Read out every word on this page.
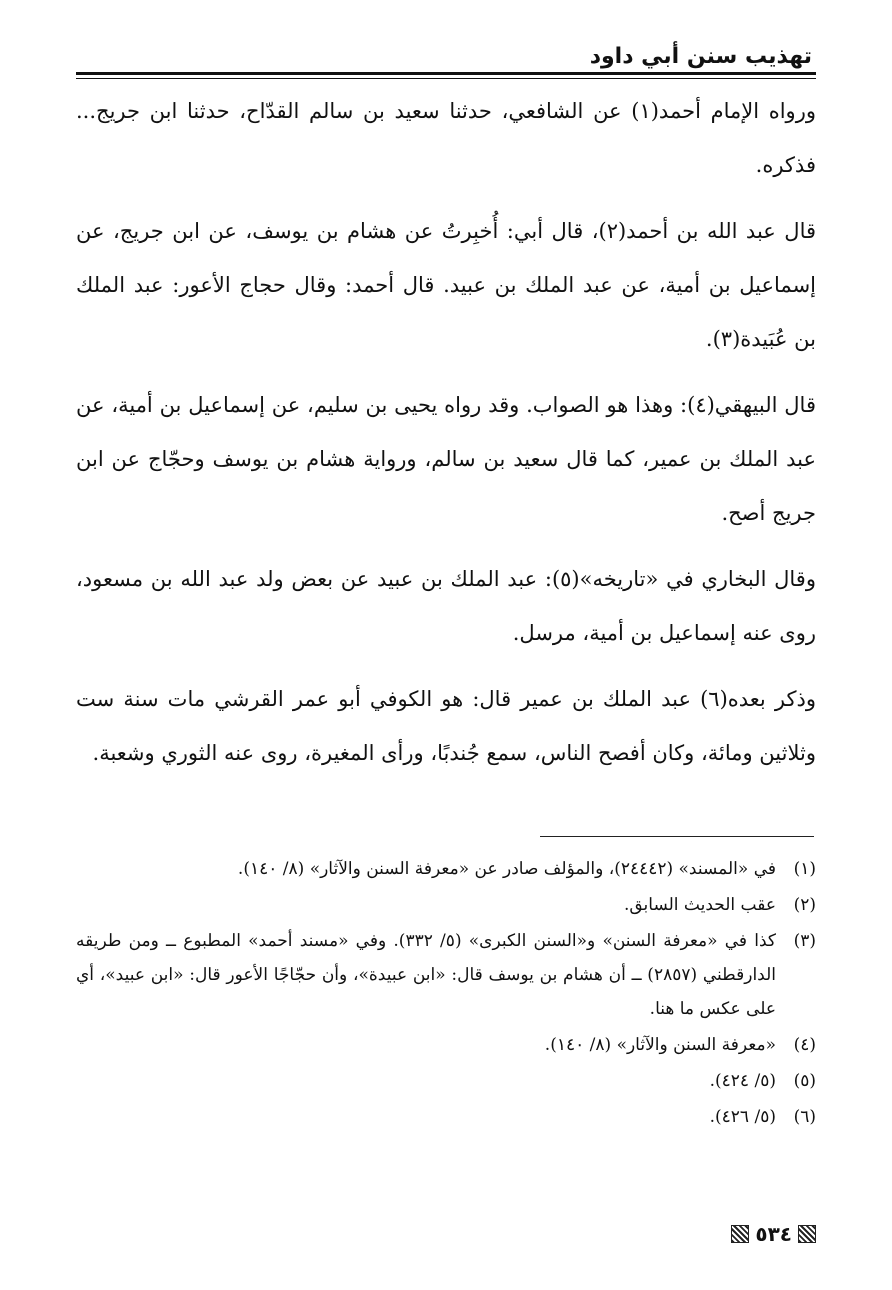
تهذيب سنن أبي داود

ورواه الإمام أحمد(١) عن الشافعي، حدثنا سعيد بن سالم القدّاح، حدثنا ابن جريج... فذكره.

قال عبد الله بن أحمد(٢)، قال أبي: أُخبِرتُ عن هشام بن يوسف، عن ابن جريج، عن إسماعيل بن أمية، عن عبد الملك بن عبيد. قال أحمد: وقال حجاج الأعور: عبد الملك بن عُبَيدة(٣).

قال البيهقي(٤): وهذا هو الصواب. وقد رواه يحيى بن سليم، عن إسماعيل بن أمية، عن عبد الملك بن عمير، كما قال سعيد بن سالم، ورواية هشام بن يوسف وحجّاج عن ابن جريج أصح.

وقال البخاري في «تاريخه»(٥): عبد الملك بن عبيد عن بعض ولد عبد الله بن مسعود، روى عنه إسماعيل بن أمية، مرسل.

وذكر بعده(٦) عبد الملك بن عمير قال: هو الكوفي أبو عمر القرشي مات سنة ست وثلاثين ومائة، وكان أفصح الناس، سمع جُندبًا، ورأى المغيرة، روى عنه الثوري وشعبة.

(١)
في «المسند» (٢٤٤٤٢)، والمؤلف صادر عن «معرفة السنن والآثار» (٨/ ١٤٠).
(٢)
عقب الحديث السابق.
(٣)
كذا في «معرفة السنن» و«السنن الكبرى» (٥/ ٣٣٢). وفي «مسند أحمد» المطبوع ــ ومن طريقه الدارقطني (٢٨٥٧) ــ أن هشام بن يوسف قال: «ابن عبيدة»، وأن حجّاجًا الأعور قال: «ابن عبيد»، أي على عكس ما هنا.
(٤)
«معرفة السنن والآثار» (٨/ ١٤٠).
(٥)
(٥/ ٤٢٤).
(٦)
(٥/ ٤٢٦).
٥٣٤
